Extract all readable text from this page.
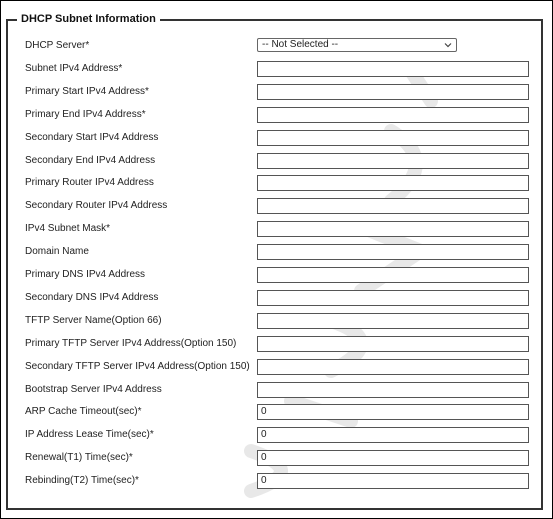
DHCP Subnet Information
DHCP Server*	-- Not Selected --
Subnet IPv4 Address*
Primary Start IPv4 Address*
Primary End IPv4 Address*
Secondary Start IPv4 Address
Secondary End IPv4 Address
Primary Router IPv4 Address
Secondary Router IPv4 Address
IPv4 Subnet Mask*
Domain Name
Primary DNS IPv4 Address
Secondary DNS IPv4 Address
TFTP Server Name(Option 66)
Primary TFTP Server IPv4 Address(Option 150)
Secondary TFTP Server IPv4 Address(Option 150)
Bootstrap Server IPv4 Address
ARP Cache Timeout(sec)*	0
IP Address Lease Time(sec)*	0
Renewal(T1) Time(sec)*	0
Rebinding(T2) Time(sec)*	0
